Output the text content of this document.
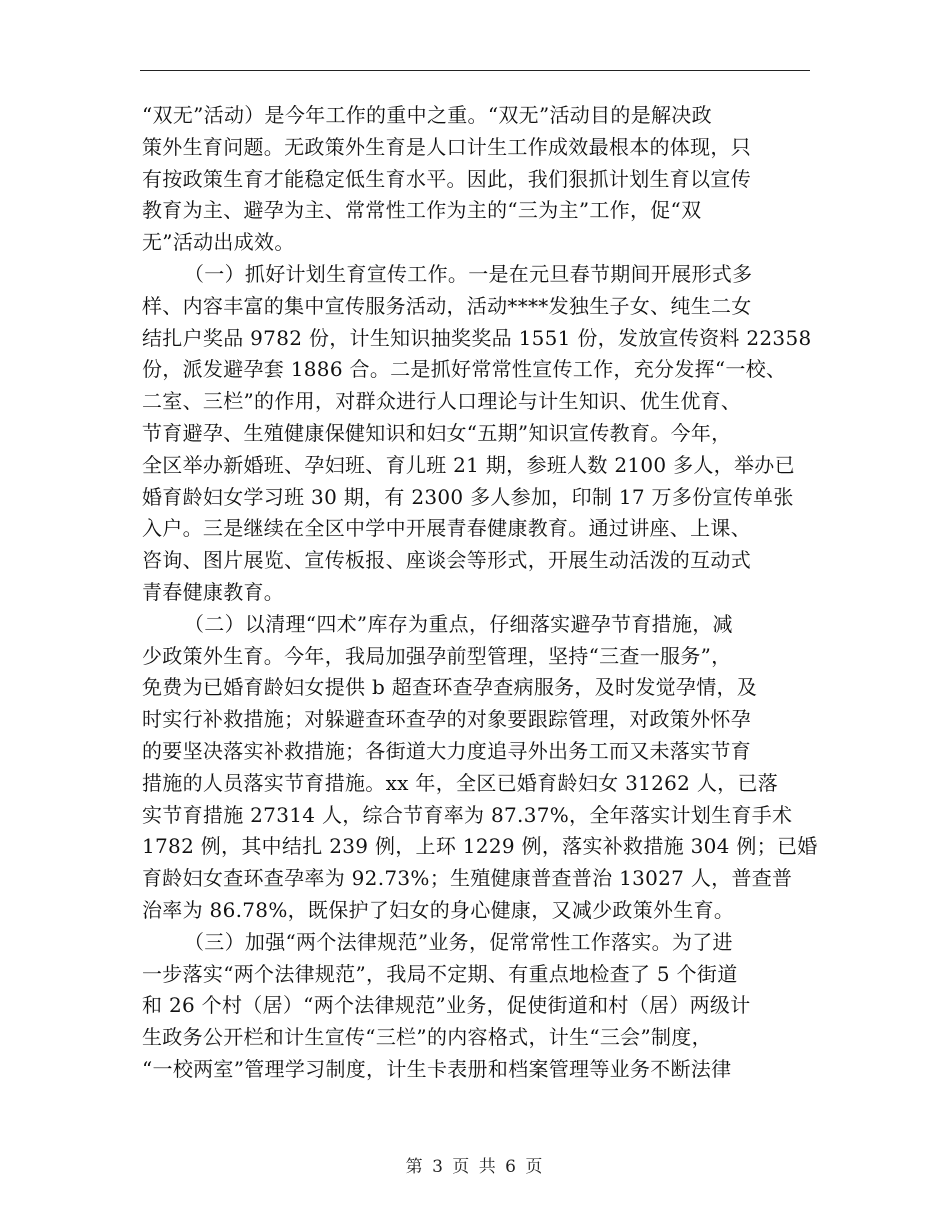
“双无”活动）是今年工作的重中之重。“双无”活动目的是解决政
策外生育问题。无政策外生育是人口计生工作成效最根本的体现，只
有按政策生育才能稳定低生育水平。因此，我们狠抓计划生育以宣传
教育为主、避孕为主、常常性工作为主的“三为主”工作，促“双
无”活动出成效。
（一）抓好计划生育宣传工作。一是在元旦春节期间开展形式多
样、内容丰富的集中宣传服务活动，活动****发独生子女、纯生二女
结扎户奖品 9782 份，计生知识抽奖奖品 1551 份，发放宣传资料 22358
份，派发避孕套 1886 合。二是抓好常常性宣传工作，充分发挥“一校、
二室、三栏”的作用，对群众进行人口理论与计生知识、优生优育、
节育避孕、生殖健康保健知识和妇女“五期”知识宣传教育。今年，
全区举办新婚班、孕妇班、育儿班 21 期，参班人数 2100 多人，举办已
婚育龄妇女学习班 30 期，有 2300 多人参加，印制 17 万多份宣传单张
入户。三是继续在全区中学中开展青春健康教育。通过讲座、上课、
咨询、图片展览、宣传板报、座谈会等形式，开展生动活泼的互动式
青春健康教育。
（二）以清理“四术”库存为重点，仔细落实避孕节育措施，减
少政策外生育。今年，我局加强孕前型管理，坚持“三查一服务”，
免费为已婚育龄妇女提供 b 超查环查孕查病服务，及时发觉孕情，及
时实行补救措施；对躲避查环查孕的对象要跟踪管理，对政策外怀孕
的要坚决落实补救措施；各街道大力度追寻外出务工而又未落实节育
措施的人员落实节育措施。xx 年，全区已婚育龄妇女 31262 人，已落
实节育措施 27314 人，综合节育率为 87.37%，全年落实计划生育手术
1782 例，其中结扎 239 例，上环 1229 例，落实补救措施 304 例；已婚
育龄妇女查环查孕率为 92.73%；生殖健康普查普治 13027 人，普查普
治率为 86.78%，既保护了妇女的身心健康，又减少政策外生育。
（三）加强“两个法律规范”业务，促常常性工作落实。为了进
一步落实“两个法律规范”，我局不定期、有重点地检查了 5 个街道
和 26 个村（居）“两个法律规范”业务，促使街道和村（居）两级计
生政务公开栏和计生宣传“三栏”的内容格式，计生“三会”制度，
“一校两室”管理学习制度，计生卡表册和档案管理等业务不断法律
第 3 页 共 6 页
